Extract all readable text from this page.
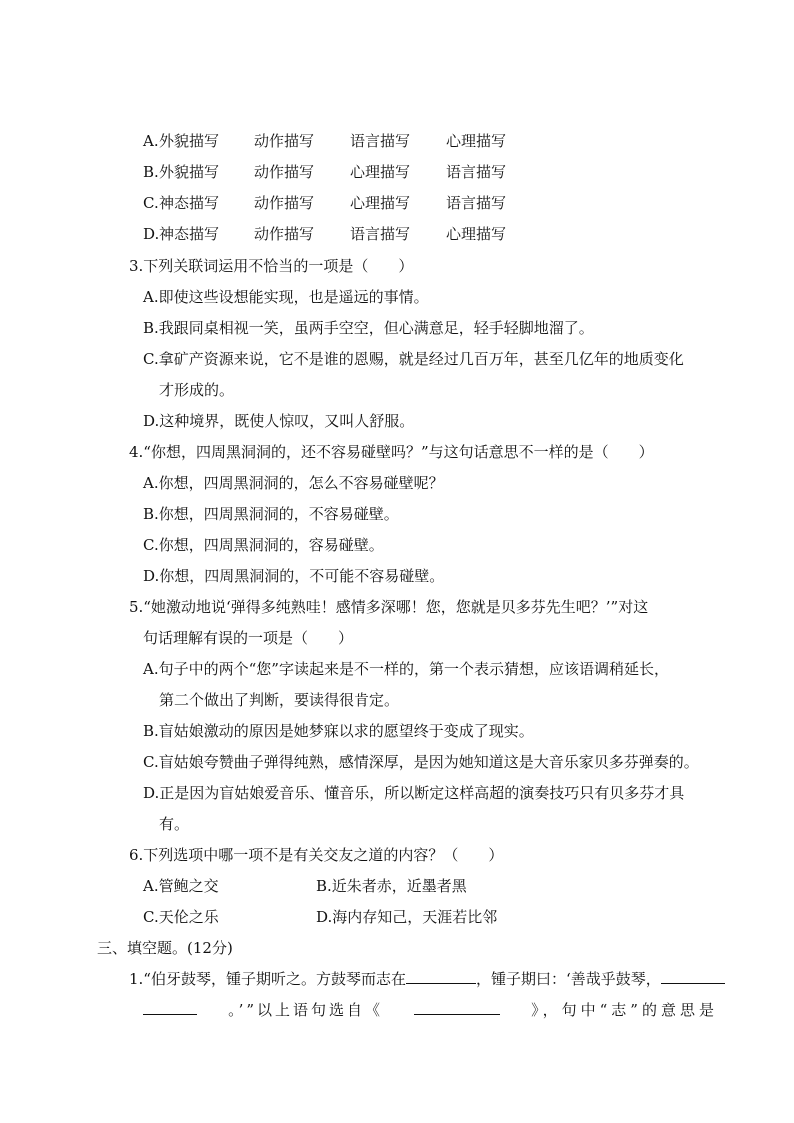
A. 外貌描写 动作描写 语言描写 心理描写
B. 外貌描写 动作描写 心理描写 语言描写
C. 神态描写 动作描写 心理描写 语言描写
D. 神态描写 动作描写 语言描写 心理描写
3.下列关联词运用不恰当的一项是（　　）
A.即使这些设想能实现，也是遥远的事情。
B.我跟同桌相视一笑，虽两手空空，但心满意足，轻手轻脚地溜了。
C.拿矿产资源来说，它不是谁的恩赐，就是经过几百万年，甚至几亿年的地质变化
才形成的。
D.这种境界，既使人惊叹，又叫人舒服。
4.“你想，四周黑洞洞的，还不容易碰壁吗？”与这句话意思不一样的是（　　）
A.你想，四周黑洞洞的，怎么不容易碰壁呢？
B.你想，四周黑洞洞的，不容易碰壁。
C.你想，四周黑洞洞的，容易碰壁。
D.你想，四周黑洞洞的，不可能不容易碰壁。
5.“她激动地说‘弹得多纯熟哇！感情多深哪！您，您就是贝多芬先生吧？’”对这
句话理解有误的一项是（　　）
A.句子中的两个“您”字读起来是不一样的，第一个表示猜想，应该语调稍延长，
第二个做出了判断，要读得很肯定。
B.盲姑娘激动的原因是她梦寐以求的愿望终于变成了现实。
C.盲姑娘夸赞曲子弹得纯熟，感情深厚，是因为她知道这是大音乐家贝多芬弹奏的。
D.正是因为盲姑娘爱音乐、懂音乐，所以断定这样高超的演奏技巧只有贝多芬才具
有。
6.下列选项中哪一项不是有关交友之道的内容？（　　）
A.管鲍之交	B.近朱者赤，近墨者黑
C.天伦之乐	D.海内存知己，天涯若比邻
三、填空题。(12分)
1.“伯牙鼓琴，锺子期听之。方鼓琴而志在	，锺子期曰：‘善哉乎鼓琴，
。’”以上语句选自《	》，句中“志”的意思是
